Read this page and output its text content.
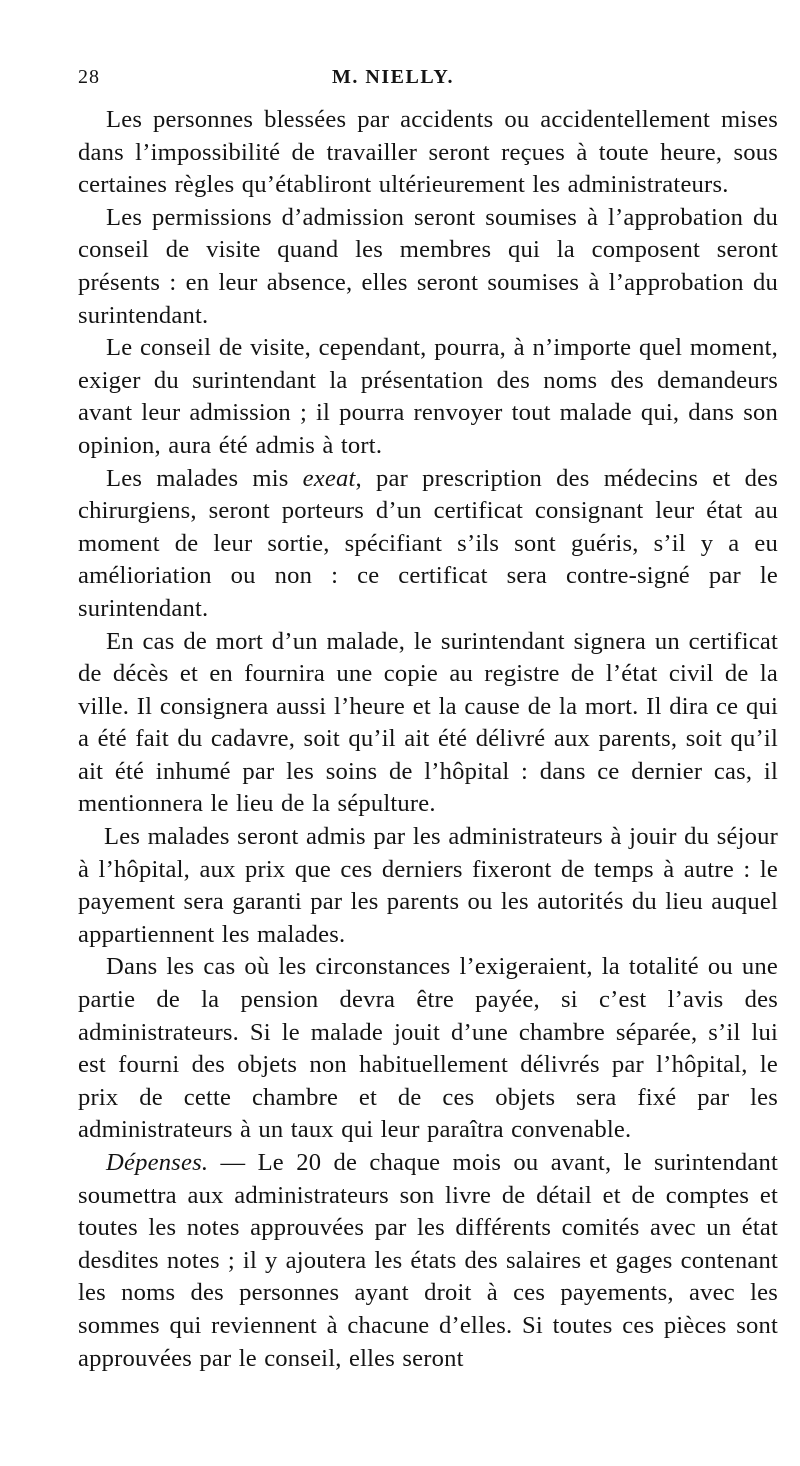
28	M. NIELLY.

Les personnes blessées par accidents ou accidentellement mises dans l’impossibilité de travailler seront reçues à toute heure, sous certaines règles qu’établiront ultérieurement les administrateurs.

Les permissions d’admission seront soumises à l’approbation du conseil de visite quand les membres qui la composent seront présents : en leur absence, elles seront soumises à l’approbation du surintendant.

Le conseil de visite, cependant, pourra, à n’importe quel moment, exiger du surintendant la présentation des noms des demandeurs avant leur admission ; il pourra renvoyer tout malade qui, dans son opinion, aura été admis à tort.

Les malades mis exeat, par prescription des médecins et des chirurgiens, seront porteurs d’un certificat consignant leur état au moment de leur sortie, spécifiant s’ils sont guéris, s’il y a eu amélioriation ou non : ce certificat sera contre-signé par le surintendant.

En cas de mort d’un malade, le surintendant signera un certificat de décès et en fournira une copie au registre de l’état civil de la ville. Il consignera aussi l’heure et la cause de la mort. Il dira ce qui a été fait du cadavre, soit qu’il ait été délivré aux parents, soit qu’il ait été inhumé par les soins de l’hôpital : dans ce dernier cas, il mentionnera le lieu de la sépulture.

Les malades seront admis par les administrateurs à jouir du séjour à l’hôpital, aux prix que ces derniers fixeront de temps à autre : le payement sera garanti par les parents ou les autorités du lieu auquel appartiennent les malades.

Dans les cas où les circonstances l’exigeraient, la totalité ou une partie de la pension devra être payée, si c’est l’avis des administrateurs. Si le malade jouit d’une chambre séparée, s’il lui est fourni des objets non habituellement délivrés par l’hôpital, le prix de cette chambre et de ces objets sera fixé par les administrateurs à un taux qui leur paraîtra convenable.

Dépenses. — Le 20 de chaque mois ou avant, le surintendant soumettra aux administrateurs son livre de détail et de comptes et toutes les notes approuvées par les différents comités avec un état desdites notes ; il y ajoutera les états des salaires et gages contenant les noms des personnes ayant droit à ces payements, avec les sommes qui reviennent à chacune d’elles. Si toutes ces pièces sont approuvées par le conseil, elles seront
